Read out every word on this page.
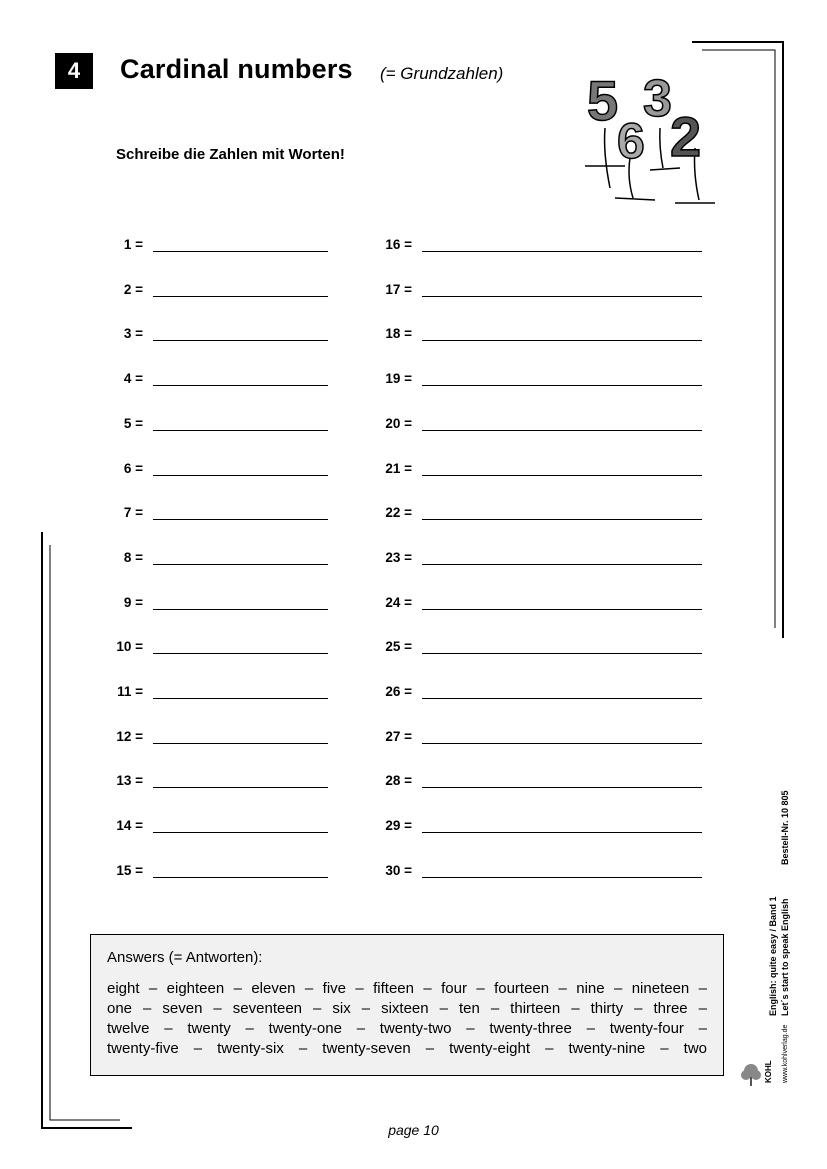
4	Cardinal numbers (= Grundzahlen)
Schreibe die Zahlen mit Worten!
5
6
3
2
1 =
2 =
3 =
4 =
5 =
6 =
7 =
8 =
9 =
10 =
11 =
12 =
13 =
14 =
15 =
16 =
17 =
18 =
19 =
20 =
21 =
22 =
23 =
24 =
25 =
26 =
27 =
28 =
29 =
30 =
Answers (= Antworten):
eight – eighteen – eleven – five – fifteen – four – fourteen – nine – nineteen –
one – seven – seventeen – six – sixteen – ten – thirteen – thirty – three –
twelve – twenty – twenty-one – twenty-two – twenty-three – twenty-four –
twenty-five – twenty-six – twenty-seven – twenty-eight – twenty-nine – two
page 10
English: quite easy / Band 1 Let´s start to speak English
Bestell-Nr. 10 805
KOHL www.kohlverlag.de
